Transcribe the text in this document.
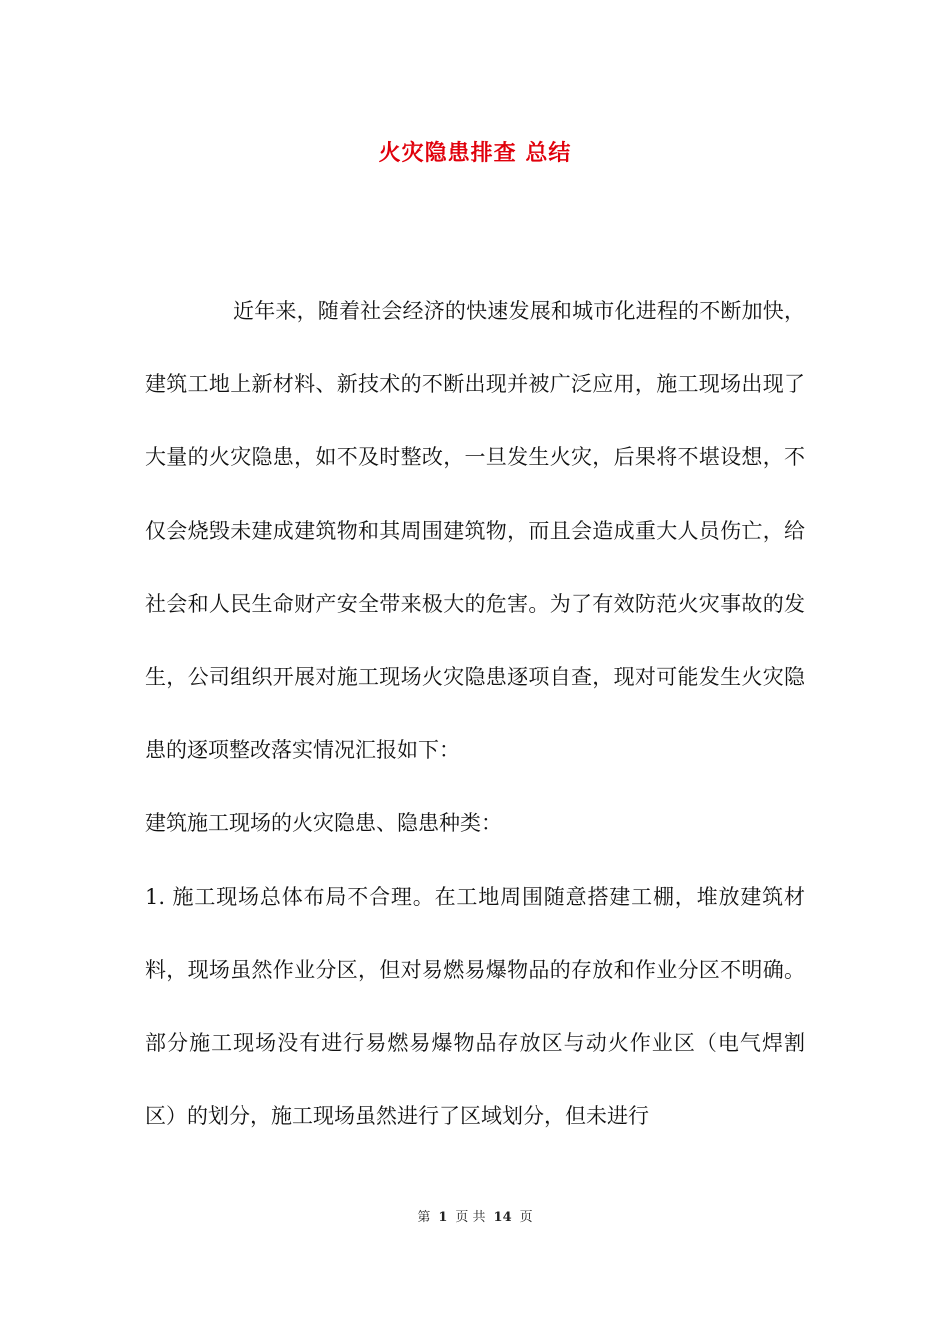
火灾隐患排查 总结

近年来，随着社会经济的快速发展和城市化进程的不断加快，建筑工地上新材料、新技术的不断出现并被广泛应用，施工现场出现了大量的火灾隐患，如不及时整改，一旦发生火灾，后果将不堪设想，不仅会烧毁未建成建筑物和其周围建筑物，而且会造成重大人员伤亡，给社会和人民生命财产安全带来极大的危害。为了有效防范火灾事故的发生，公司组织开展对施工现场火灾隐患逐项自查，现对可能发生火灾隐患的逐项整改落实情况汇报如下：

建筑施工现场的火灾隐患、隐患种类：

1. 施工现场总体布局不合理。在工地周围随意搭建工棚，堆放建筑材料，现场虽然作业分区，但对易燃易爆物品的存放和作业分区不明确。部分施工现场没有进行易燃易爆物品存放区与动火作业区（电气焊割区）的划分，施工现场虽然进行了区域划分，但未进行

第 1 页 共 14 页
